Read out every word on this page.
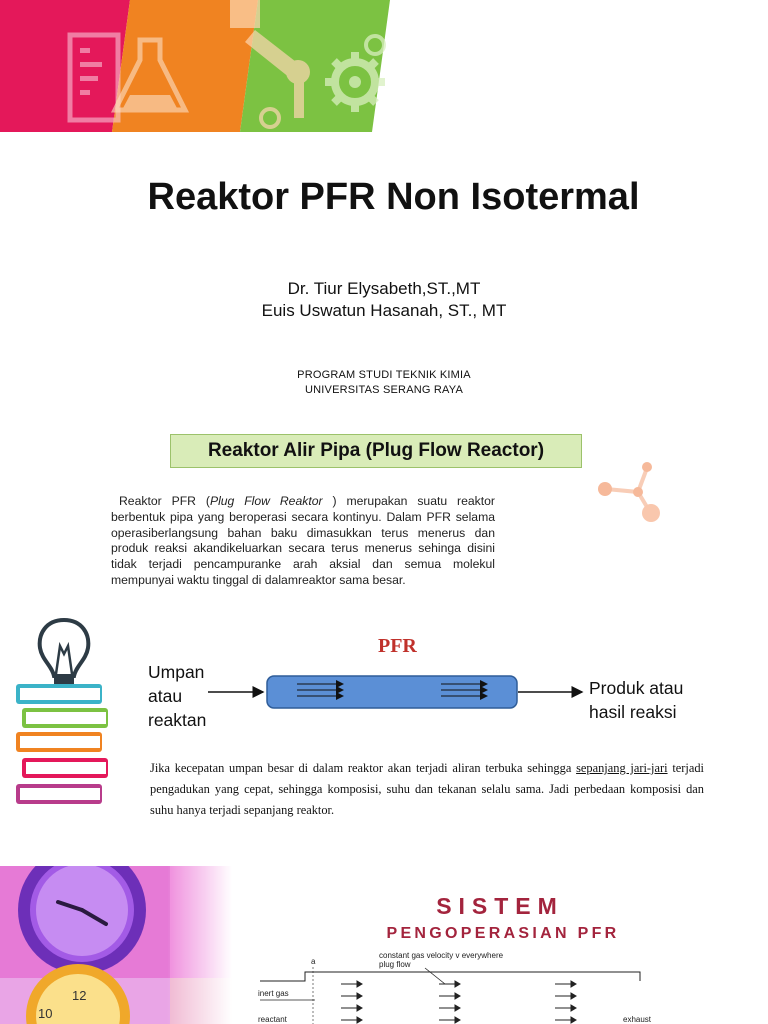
Reaktor PFR Non Isotermal
Dr. Tiur Elysabeth,ST.,MT
Euis Uswatun Hasanah, ST., MT
PROGRAM STUDI TEKNIK KIMIA
UNIVERSITAS SERANG RAYA
Reaktor Alir Pipa (Plug Flow Reactor)
Reaktor PFR (Plug Flow Reaktor ) merupakan suatu reaktor berbentuk pipa yang beroperasi secara kontinyu. Dalam PFR selama operasiberlangsung bahan baku dimasukkan terus menerus dan produk reaksi akandikeluarkan secara terus menerus sehinga disini tidak terjadi pencampuranke arah aksial dan semua molekul mempunyai waktu tinggal di dalamreaktor sama besar.
PFR
Umpan
atau
reaktan
Produk atau
hasil reaksi
Jika kecepatan umpan besar di dalam reaktor akan terjadi aliran terbuka sehingga sepanjang jari-jari terjadi pengadukan yang cepat, sehingga komposisi, suhu dan tekanan selalu sama. Jadi perbedaan komposisi dan suhu hanya terjadi sepanjang reaktor.
SISTEM
PENGOPERASIAN PFR
a
constant gas velocity v everywhere
plug flow
inert gas
reactant	exhaust
